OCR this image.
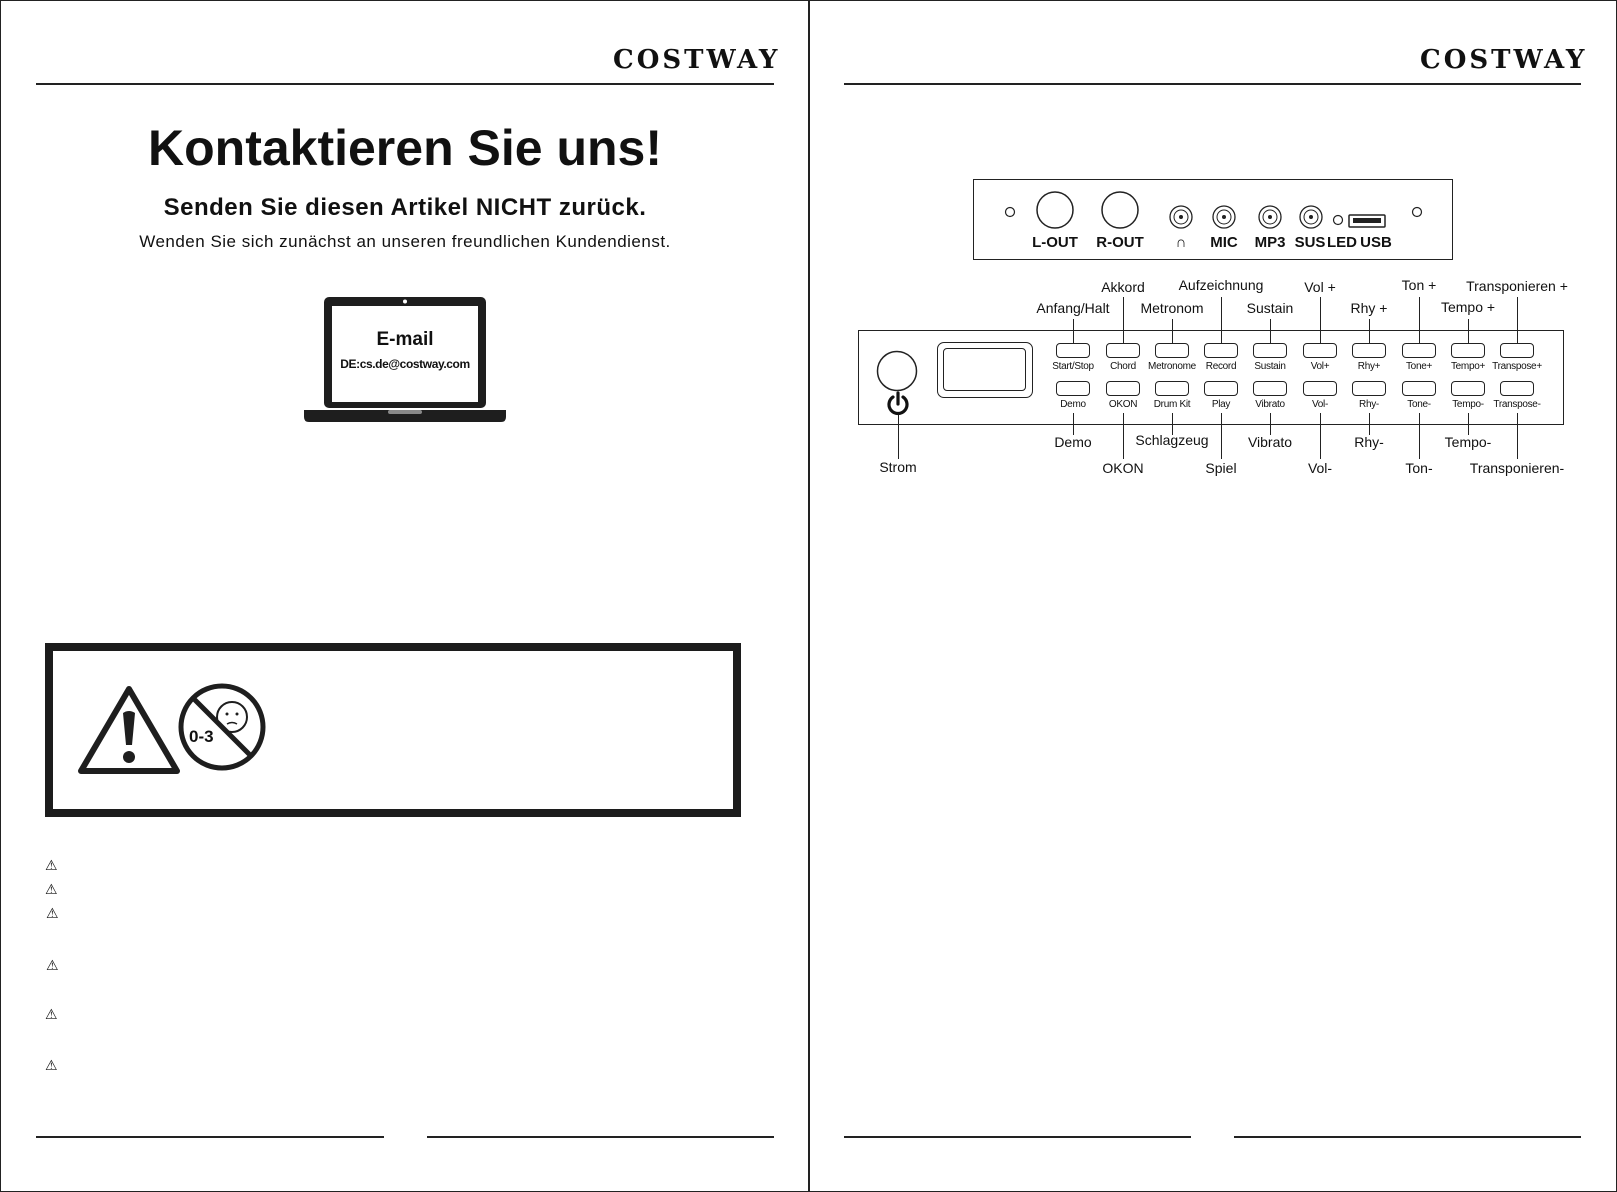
COSTWAY
Kontaktieren Sie uns!
Senden Sie diesen Artikel NICHT zurück.
Wenden Sie sich zunächst an unseren freundlichen Kundendienst.
E-mail
DE:cs.de@costway.com
0-3
⚠
⚠
⚠
⚠
⚠
⚠
COSTWAY
L-OUT R-OUT ∩ MIC MP3 SUS LED USB
Start/Stop Chord Metronome Record Sustain	Vol+	Rhy+	Tone+ Tempo+ Transpose+
Demo OKON Drum Kit Play	Vibrato	Vol-	Rhy-	Tone- Tempo- Transpose-
Akkord Aufzeichnung	Vol +	Ton + Transponieren +
Anfang/Halt Metronom	Sustain	Rhy +	Tempo +
Demo	Schlagzeug	Vibrato	Rhy-	Tempo-
OKON	Spiel	Vol-	Ton-	Transponieren-
Strom
